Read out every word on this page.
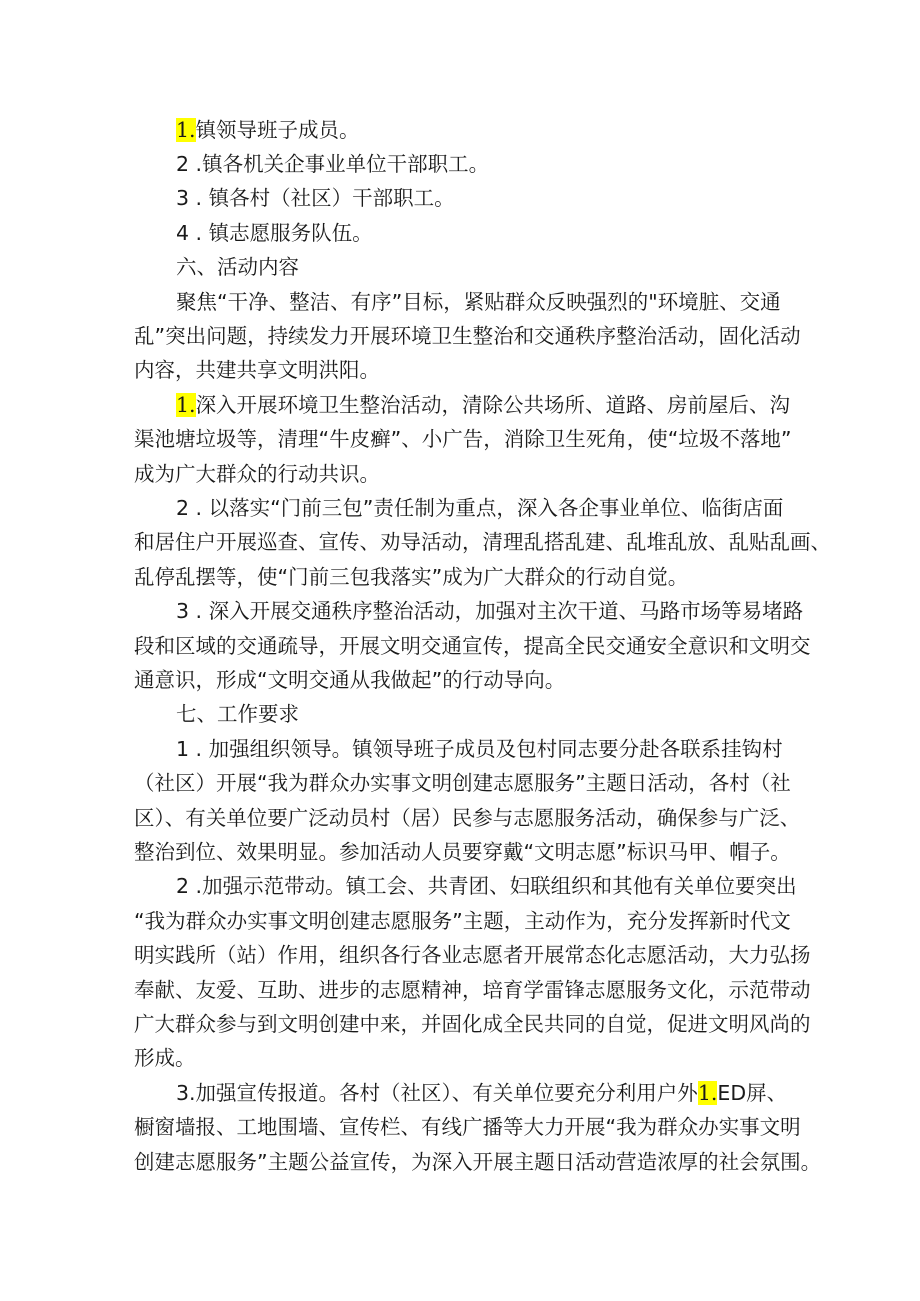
1.镇领导班子成员。
2 .镇各机关企事业单位干部职工。
3 . 镇各村（社区）干部职工。
4 . 镇志愿服务队伍。
六、活动内容
聚焦“干净、整洁、有序”目标，紧贴群众反映强烈的"环境脏、交通
乱”突出问题，持续发力开展环境卫生整治和交通秩序整治活动，固化活动
内容，共建共享文明洪阳。
1.深入开展环境卫生整治活动，清除公共场所、道路、房前屋后、沟
渠池塘垃圾等，清理“牛皮癣”、小广告，消除卫生死角，使“垃圾不落地”
成为广大群众的行动共识。
2 . 以落实“门前三包”责任制为重点，深入各企事业单位、临街店面
和居住户开展巡查、宣传、劝导活动，清理乱搭乱建、乱堆乱放、乱贴乱画、
乱停乱摆等，使“门前三包我落实”成为广大群众的行动自觉。
3 . 深入开展交通秩序整治活动，加强对主次干道、马路市场等易堵路
段和区域的交通疏导，开展文明交通宣传，提高全民交通安全意识和文明交
通意识，形成“文明交通从我做起”的行动导向。
七、工作要求
1 . 加强组织领导。镇领导班子成员及包村同志要分赴各联系挂钩村
（社区）开展“我为群众办实事文明创建志愿服务”主题日活动，各村（社
区）、有关单位要广泛动员村（居）民参与志愿服务活动，确保参与广泛、
整治到位、效果明显。参加活动人员要穿戴“文明志愿”标识马甲、帽子。
2 .加强示范带动。镇工会、共青团、妇联组织和其他有关单位要突出
“我为群众办实事文明创建志愿服务”主题，主动作为，充分发挥新时代文
明实践所（站）作用，组织各行各业志愿者开展常态化志愿活动，大力弘扬
奉献、友爱、互助、进步的志愿精神，培育学雷锋志愿服务文化，示范带动
广大群众参与到文明创建中来，并固化成全民共同的自觉，促进文明风尚的
形成。
3.加强宣传报道。各村（社区）、有关单位要充分利用户外1.ED屏、
橱窗墙报、工地围墙、宣传栏、有线广播等大力开展“我为群众办实事文明
创建志愿服务”主题公益宣传，为深入开展主题日活动营造浓厚的社会氛围。
